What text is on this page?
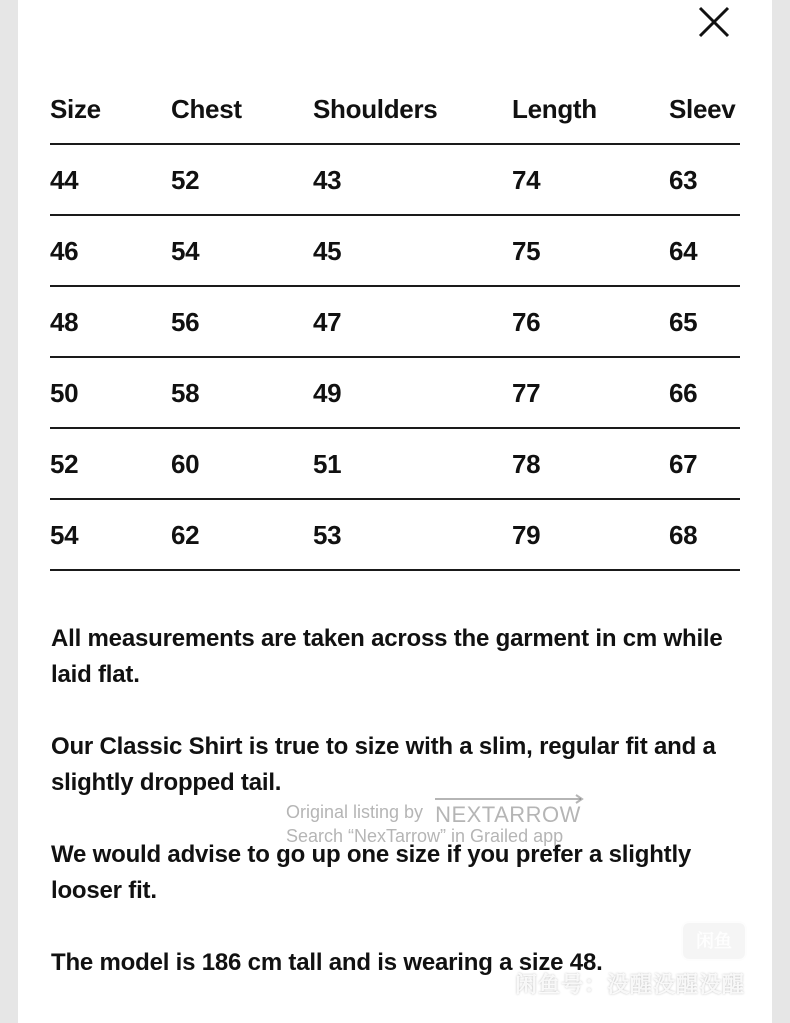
Size	Chest	Shoulders	Length	Sleev
44	52	43	74	63
46	54	45	75	64
48	56	47	76	65
50	58	49	77	66
52	60	51	78	67
54	62	53	79	68

All measurements are taken across the garment in cm while laid flat.

Our Classic Shirt is true to size with a slim, regular fit and a slightly dropped tail.

We would advise to go up one size if you prefer a slightly looser fit.

The model is 186 cm tall and is wearing a size 48.

Original listing by NEXTARROW
Search “NexTarrow” in Grailed app
闲鱼
闲鱼号：没醒没醒没醒
